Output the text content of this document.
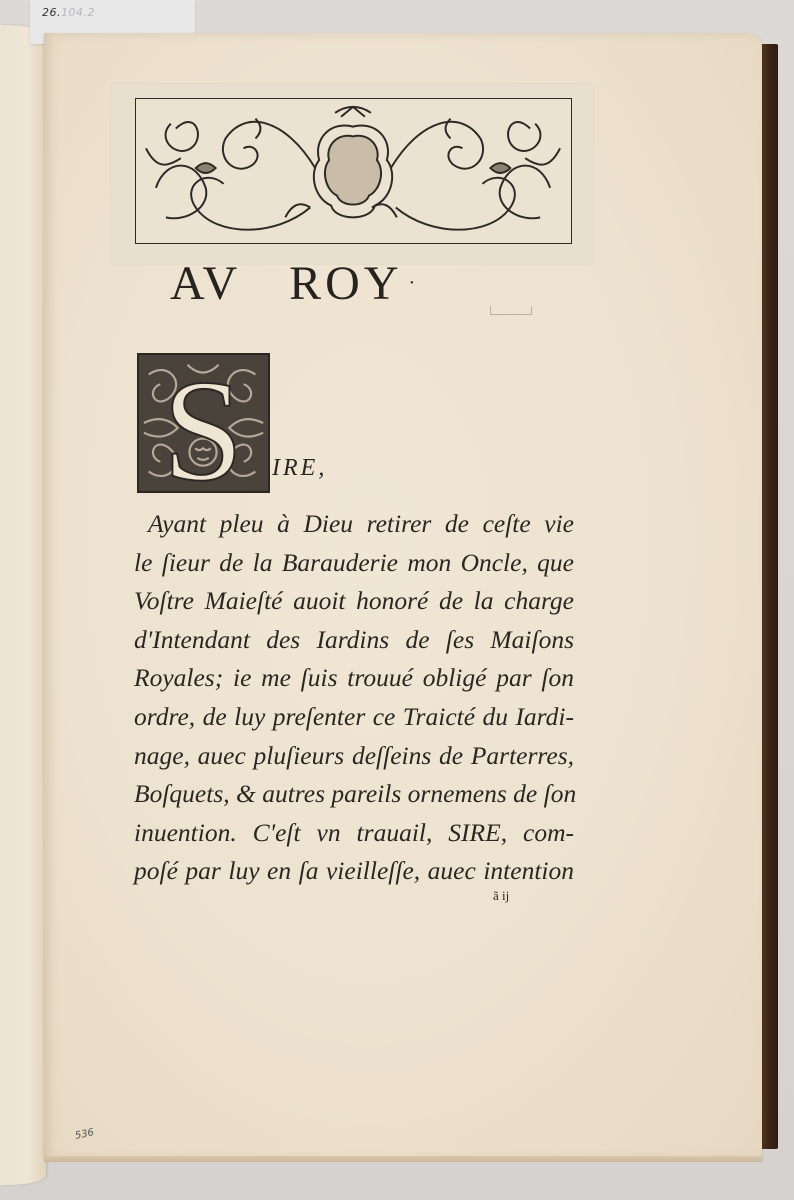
26.104.2
AV ROY ·
S IRE,
Ayant pleu à Dieu retirer de ceſte vie
le ſieur de la Barauderie mon Oncle, que
Voſtre Maieſté auoit honoré de la charge
d'Intendant des Iardins de ſes Maiſons
Royales; ie me ſuis trouué obligé par ſon
ordre, de luy preſenter ce Traicté du Iardi-
nage, auec pluſieurs deſſeins de Parterres,
Boſquets, & autres pareils ornemens de ſon
inuention. C'eſt vn trauail, SIRE, com-
poſé par luy en ſa vieilleſſe, auec intention
ã ij
536
